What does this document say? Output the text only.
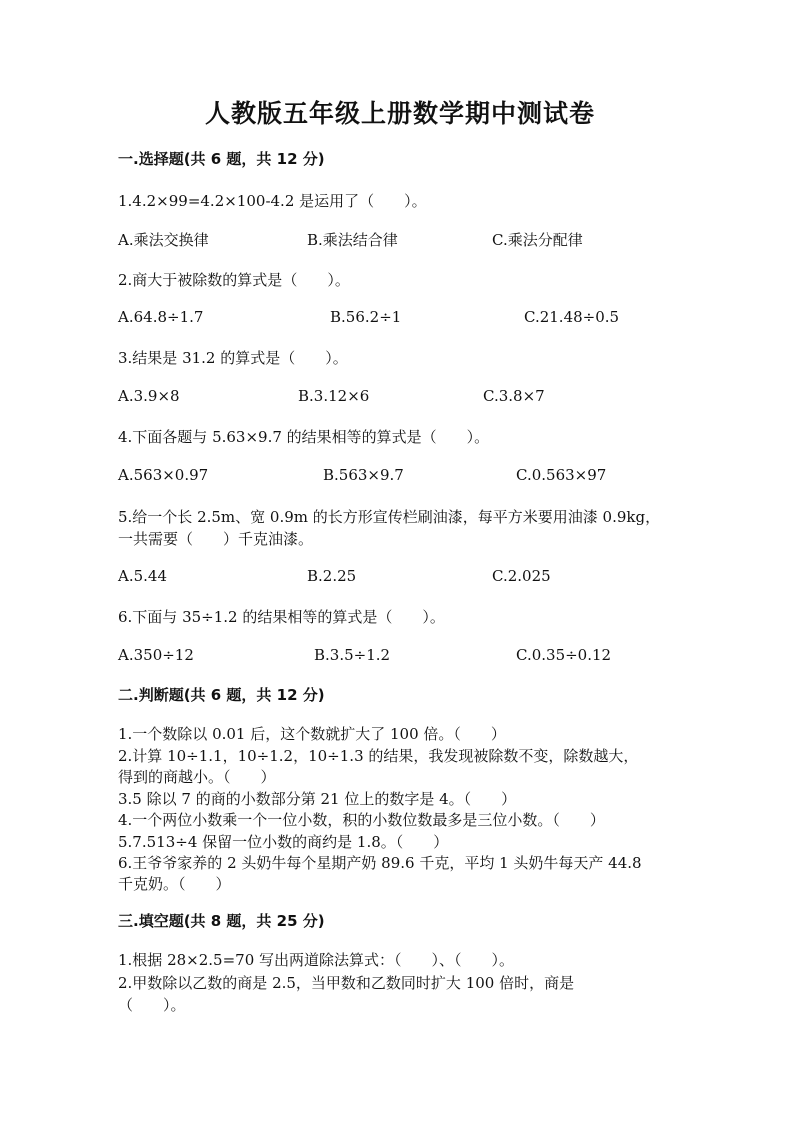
人教版五年级上册数学期中测试卷
一.选择题(共 6 题，共 12 分)
1.4.2×99=4.2×100-4.2 是运用了（　　）。
A.乘法交换律	B.乘法结合律	C.乘法分配律
2.商大于被除数的算式是（　　）。
A.64.8÷1.7	B.56.2÷1	C.21.48÷0.5
3.结果是 31.2 的算式是（　　）。
A.3.9×8	B.3.12×6	C.3.8×7
4.下面各题与 5.63×9.7 的结果相等的算式是（　　）。
A.563×0.97	B.563×9.7	C.0.563×97
5.给一个长 2.5m、宽 0.9m 的长方形宣传栏刷油漆，每平方米要用油漆 0.9kg，
一共需要（　　）千克油漆。
A.5.44	B.2.25	C.2.025
6.下面与 35÷1.2 的结果相等的算式是（　　）。
A.350÷12	B.3.5÷1.2	C.0.35÷0.12
二.判断题(共 6 题，共 12 分)
1.一个数除以 0.01 后，这个数就扩大了 100 倍。（　　）
2.计算 10÷1.1，10÷1.2，10÷1.3 的结果，我发现被除数不变，除数越大，
得到的商越小。（　　）
3.5 除以 7 的商的小数部分第 21 位上的数字是 4。（　　）
4.一个两位小数乘一个一位小数，积的小数位数最多是三位小数。（　　）
5.7.513÷4 保留一位小数的商约是 1.8。（　　）
6.王爷爷家养的 2 头奶牛每个星期产奶 89.6 千克，平均 1 头奶牛每天产 44.8
千克奶。（　　）
三.填空题(共 8 题，共 25 分)
1.根据 28×2.5=70 写出两道除法算式：（　　）、（　　）。
2.甲数除以乙数的商是 2.5，当甲数和乙数同时扩大 100 倍时，商是
（　　）。
